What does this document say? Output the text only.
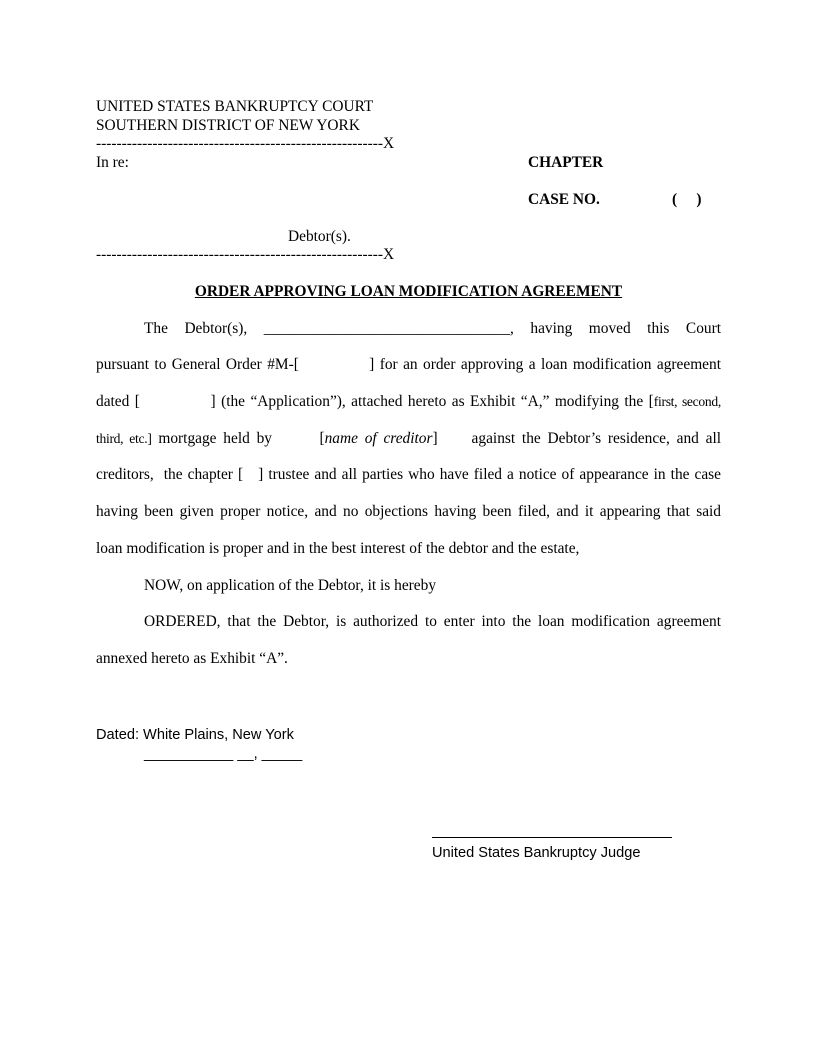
UNITED STATES BANKRUPTCY COURT
SOUTHERN DISTRICT OF NEW YORK
--------------------------------------------------------X
In re:	CHAPTER
CASE NO.	(     )
Debtor(s).
--------------------------------------------------------X
ORDER APPROVING LOAN MODIFICATION AGREEMENT
The Debtor(s), ________________________________, having moved this Court
pursuant to General Order #M-[             ] for an order approving a loan modification agreement
dated [             ] (the “Application”), attached hereto as Exhibit “A,” modifying the [first, second,
third, etc.] mortgage held by       [name of creditor]     against the Debtor’s residence, and all
creditors,  the chapter [   ] trustee and all parties who have filed a notice of appearance in the case
having been given proper notice, and no objections having been filed, and it appearing that said
loan modification is proper and in the best interest of the debtor and the estate,
NOW, on application of the Debtor, it is hereby
ORDERED, that the Debtor, is authorized to enter into the loan modification agreement
annexed hereto as Exhibit “A”.
Dated: White Plains, New York
___________ __, _____
United States Bankruptcy Judge
